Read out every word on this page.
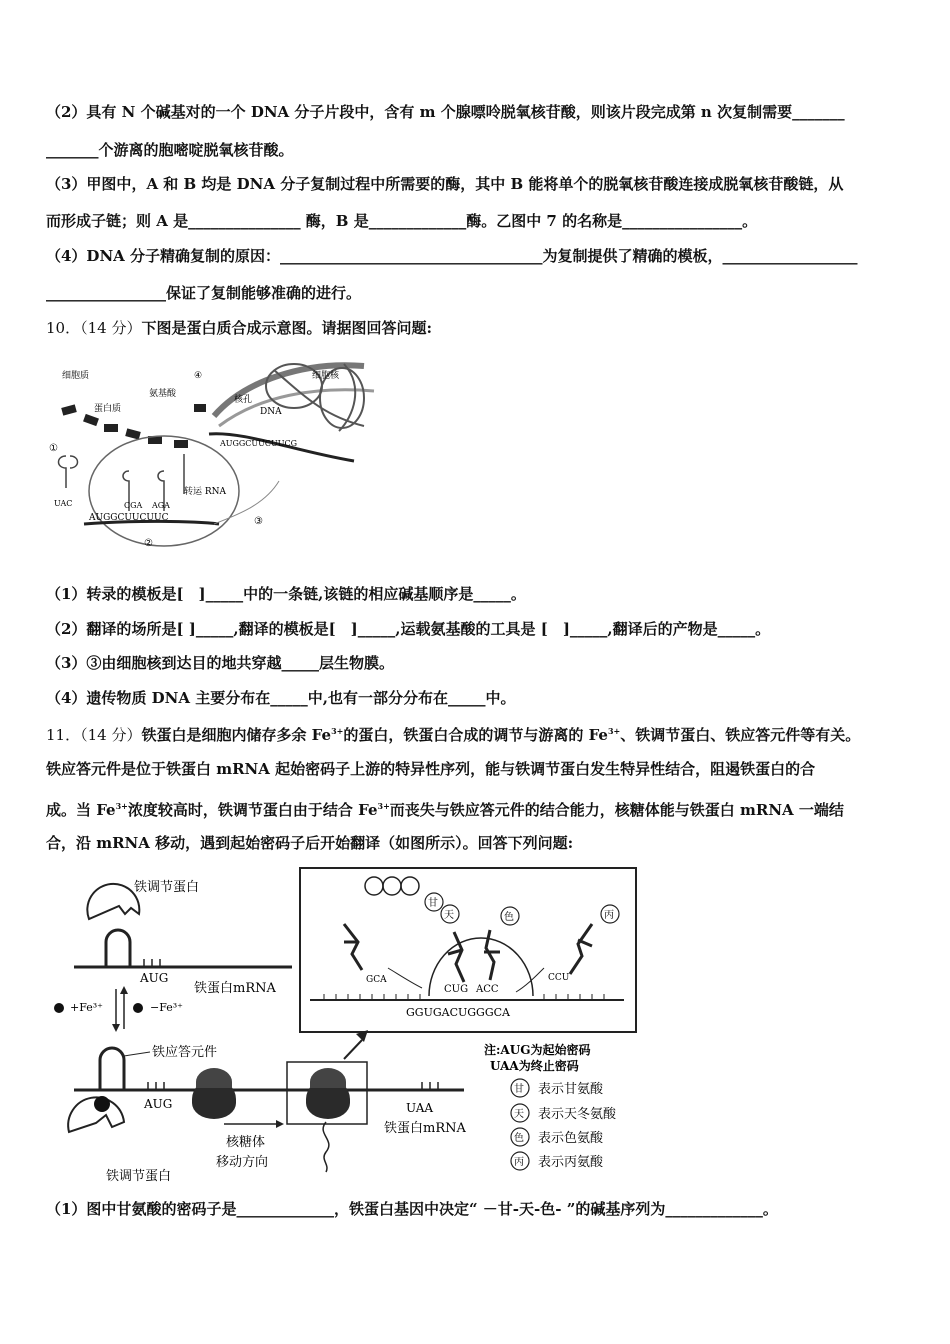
（2）具有 N 个碱基对的一个 DNA 分子片段中，含有 m 个腺嘌呤脱氧核苷酸，则该片段完成第 n 次复制需要_______
_______个游离的胞嘧啶脱氧核苷酸。
（3）甲图中，A 和 B 均是 DNA 分子复制过程中所需要的酶，其中 B 能将单个的脱氧核苷酸连接成脱氧核苷酸链，从
而形成子链；则 A 是_______________ 酶，B 是_____________酶。乙图中 7 的名称是________________。
（4）DNA 分子精确复制的原因：___________________________________为复制提供了精确的模板，__________________
________________保证了复制能够准确的进行。
10．（14 分）下图是蛋白质合成示意图。请据图回答问题:
细胞核
核孔
DNA
④
AUGGCUUCUUCG
细胞质
蛋白质
氨基酸
①
UAC	CGA AGA
转运 RNA
AUGGCUUCUUC	③
②
（1）转录的模板是[　]_____中的一条链,该链的相应碱基顺序是_____。
（2）翻译的场所是[ ]_____,翻译的模板是[　]_____,运载氨基酸的工具是 [　]_____,翻译后的产物是_____。
（3）③由细胞核到达目的地共穿越_____层生物膜。
（4）遗传物质 DNA 主要分布在_____中,也有一部分分布在_____中。
11．（14 分）铁蛋白是细胞内储存多余 $Fe^{3+}$的蛋白，铁蛋白合成的调节与游离的 $Fe^{3+}$、铁调节蛋白、铁应答元件等有关。
铁应答元件是位于铁蛋白 mRNA 起始密码子上游的特异性序列，能与铁调节蛋白发生特异性结合，阻遏铁蛋白的合
成。当 $Fe^{3+}$浓度较高时，铁调节蛋白由于结合 $Fe^{3+}$而丧失与铁应答元件的结合能力，核糖体能与铁蛋白 mRNA 一端结
合，沿 mRNA 移动，遇到起始密码子后开始翻译（如图所示）。回答下列问题:
铁调节蛋白
AUG
铁蛋白mRNA
+Fe³⁺	−Fe³⁺
铁应答元件
AUG	UAA
铁蛋白mRNA
铁调节蛋白
核糖体
移动方向
GGUGACUGGGCA
GCA
CUG ACC
CCU
甘
天	色	丙
注:AUG为起始密码
UAA为终止密码
甘 表示甘氨酸
天 表示天冬氨酸
色 表示色氨酸
丙 表示丙氨酸
（1）图中甘氨酸的密码子是_____________，铁蛋白基因中决定“ －甘-天-色- ”的碱基序列为_____________。
